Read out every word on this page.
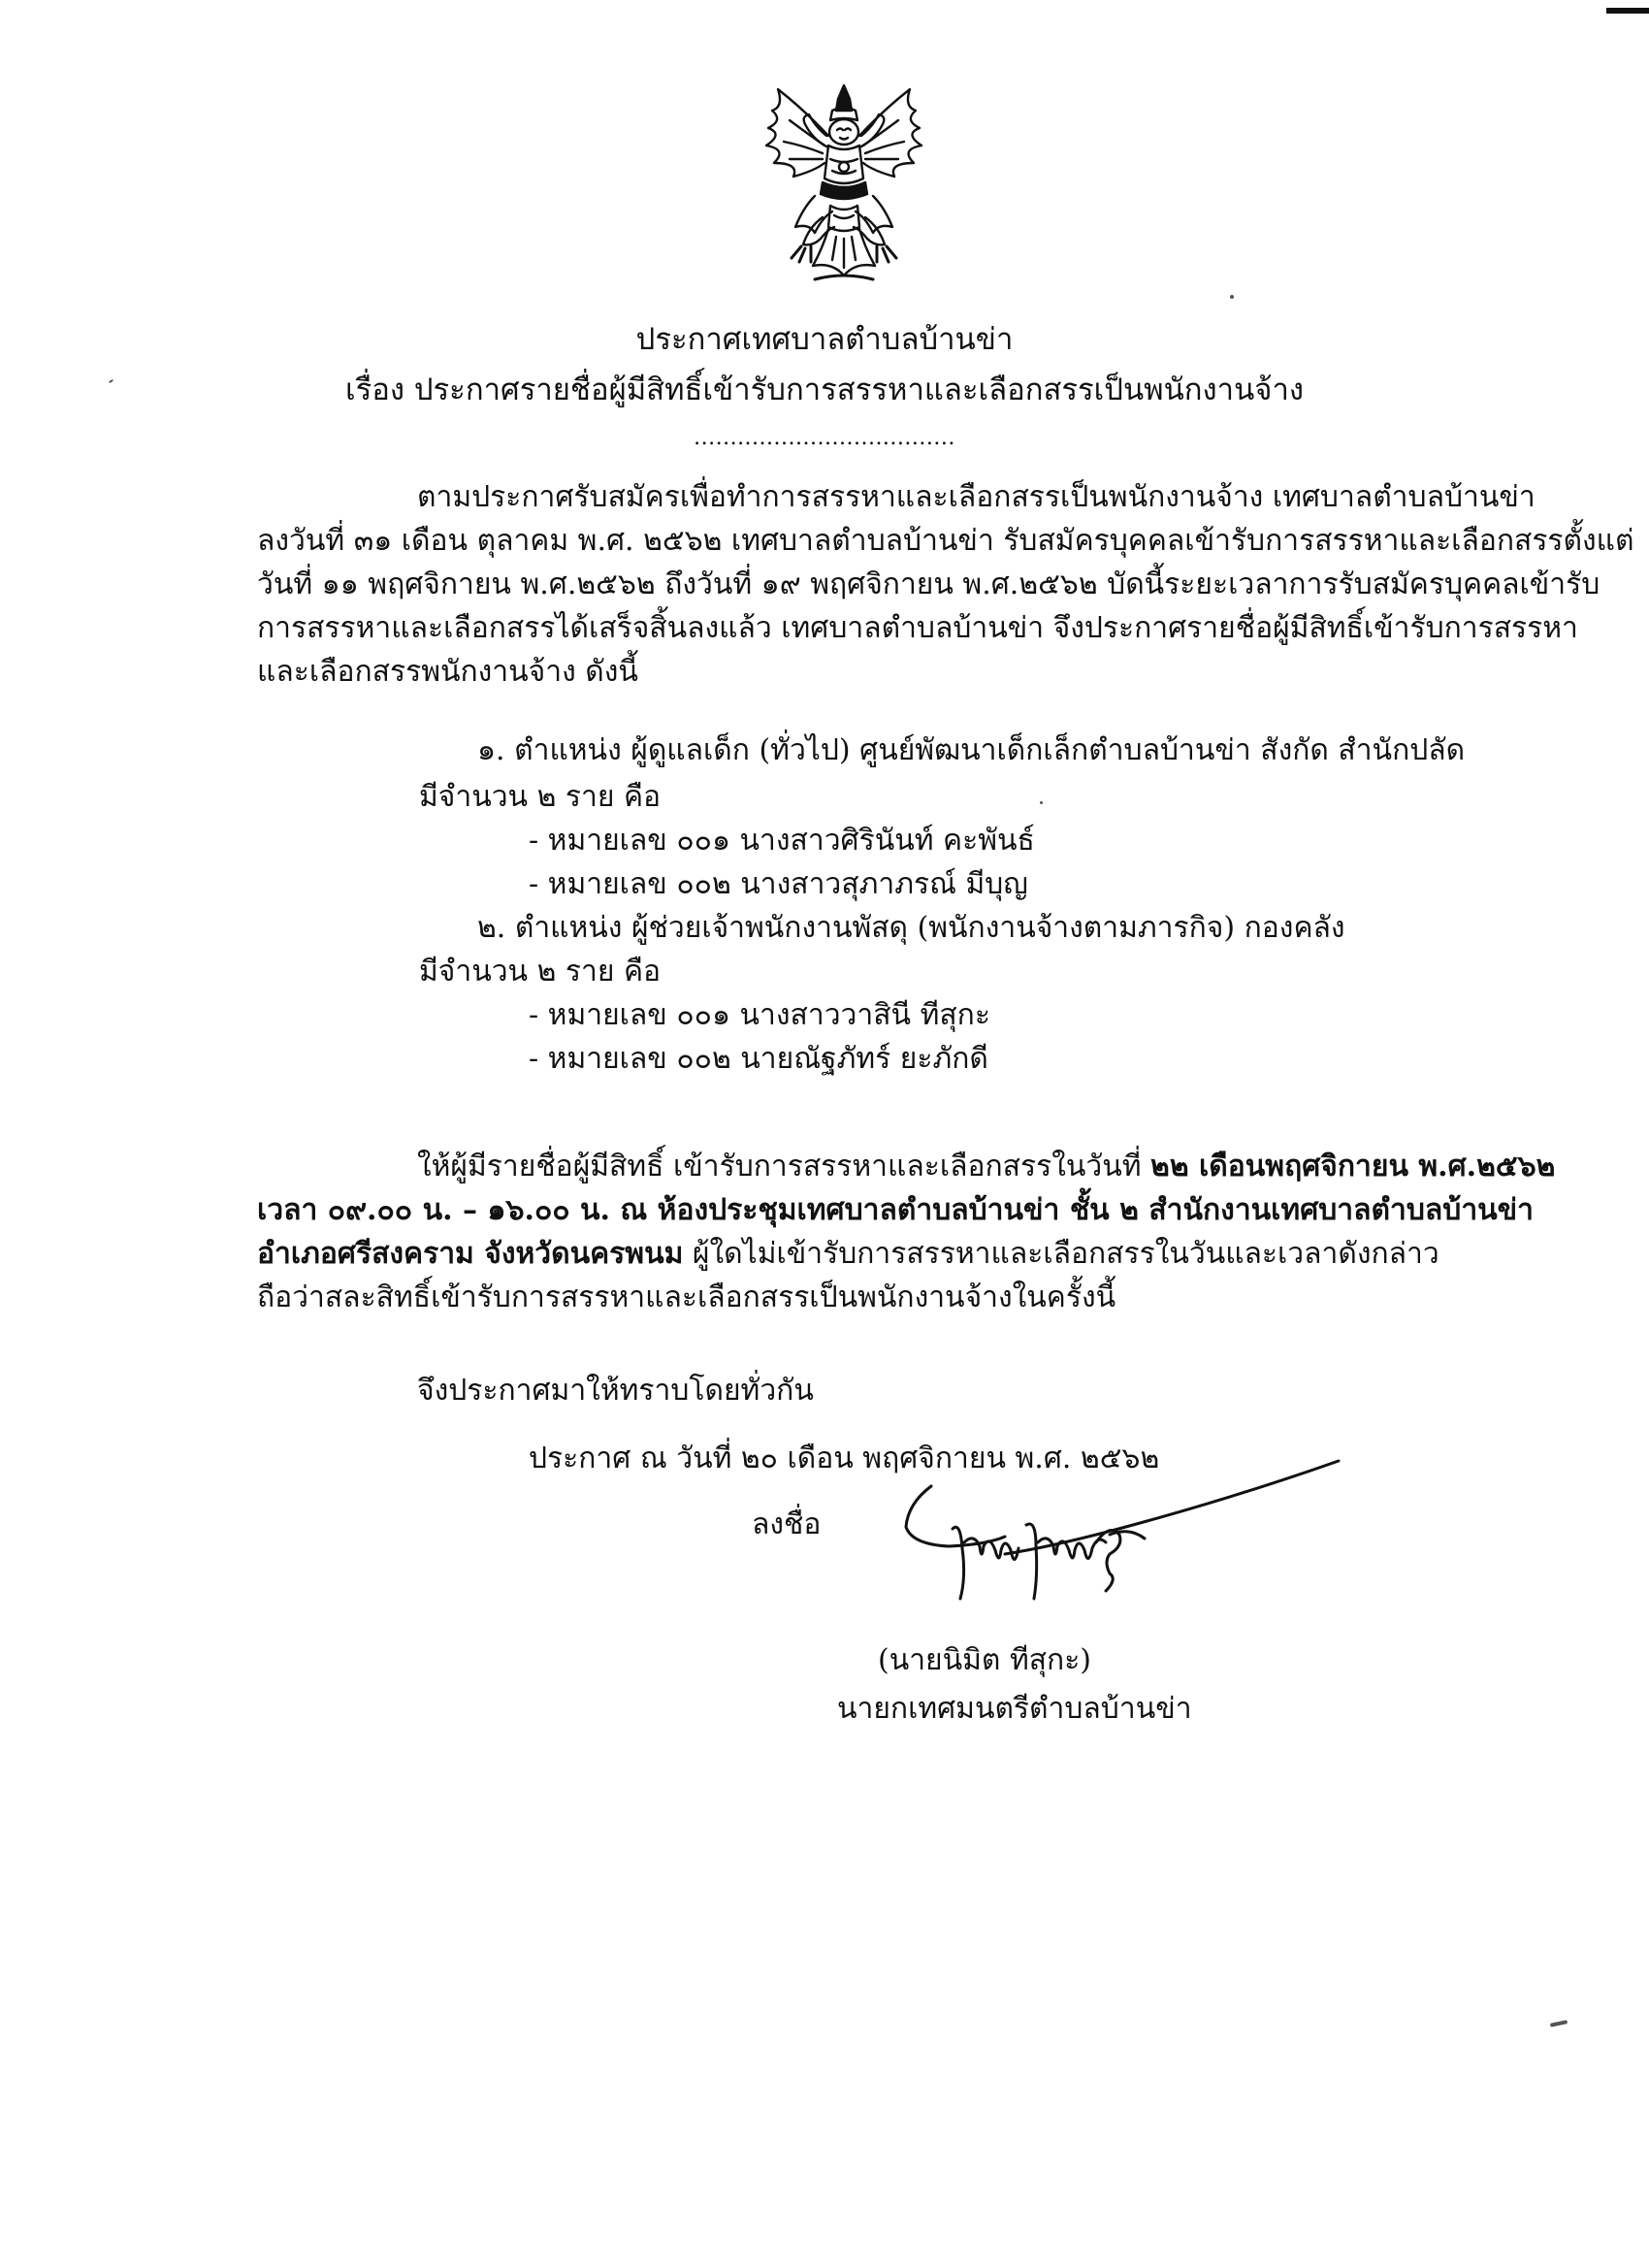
ประกาศเทศบาลตำบลบ้านข่า
เรื่อง ประกาศรายชื่อผู้มีสิทธิ์เข้ารับการสรรหาและเลือกสรรเป็นพนักงานจ้าง
....................................
ตามประกาศรับสมัครเพื่อทำการสรรหาและเลือกสรรเป็นพนักงานจ้าง เทศบาลตำบลบ้านข่า
ลงวันที่ ๓๑ เดือน ตุลาคม พ.ศ. ๒๕๖๒ เทศบาลตำบลบ้านข่า รับสมัครบุคคลเข้ารับการสรรหาและเลือกสรรตั้งแต่
วันที่ ๑๑ พฤศจิกายน พ.ศ.๒๕๖๒ ถึงวันที่ ๑๙ พฤศจิกายน พ.ศ.๒๕๖๒ บัดนี้ระยะเวลาการรับสมัครบุคคลเข้ารับ
การสรรหาและเลือกสรรได้เสร็จสิ้นลงแล้ว เทศบาลตำบลบ้านข่า จึงประกาศรายชื่อผู้มีสิทธิ์เข้ารับการสรรหา
และเลือกสรรพนักงานจ้าง ดังนี้
๑. ตำแหน่ง ผู้ดูแลเด็ก (ทั่วไป) ศูนย์พัฒนาเด็กเล็กตำบลบ้านข่า สังกัด สำนักปลัด
มีจำนวน ๒ ราย คือ
- หมายเลข ๐๐๑ นางสาวศิรินันท์ คะพันธ์
- หมายเลข ๐๐๒ นางสาวสุภาภรณ์ มีบุญ
๒. ตำแหน่ง ผู้ช่วยเจ้าพนักงานพัสดุ (พนักงานจ้างตามภารกิจ) กองคลัง
มีจำนวน ๒ ราย คือ
- หมายเลข ๐๐๑ นางสาววาสินี ทีสุกะ
- หมายเลข ๐๐๒ นายณัฐภัทร์ ยะภักดี
ให้ผู้มีรายชื่อผู้มีสิทธิ์ เข้ารับการสรรหาและเลือกสรรในวันที่ ๒๒ เดือนพฤศจิกายน พ.ศ.๒๕๖๒
เวลา ๐๙.๐๐ น. – ๑๖.๐๐ น. ณ ห้องประชุมเทศบาลตำบลบ้านข่า ชั้น ๒ สำนักงานเทศบาลตำบลบ้านข่า
อำเภอศรีสงคราม จังหวัดนครพนม ผู้ใดไม่เข้ารับการสรรหาและเลือกสรรในวันและเวลาดังกล่าว
ถือว่าสละสิทธิ์เข้ารับการสรรหาและเลือกสรรเป็นพนักงานจ้างในครั้งนี้
จึงประกาศมาให้ทราบโดยทั่วกัน
ประกาศ ณ วันที่ ๒๐ เดือน พฤศจิกายน พ.ศ. ๒๕๖๒
ลงชื่อ
(นายนิมิต ทีสุกะ)
นายกเทศมนตรีตำบลบ้านข่า
